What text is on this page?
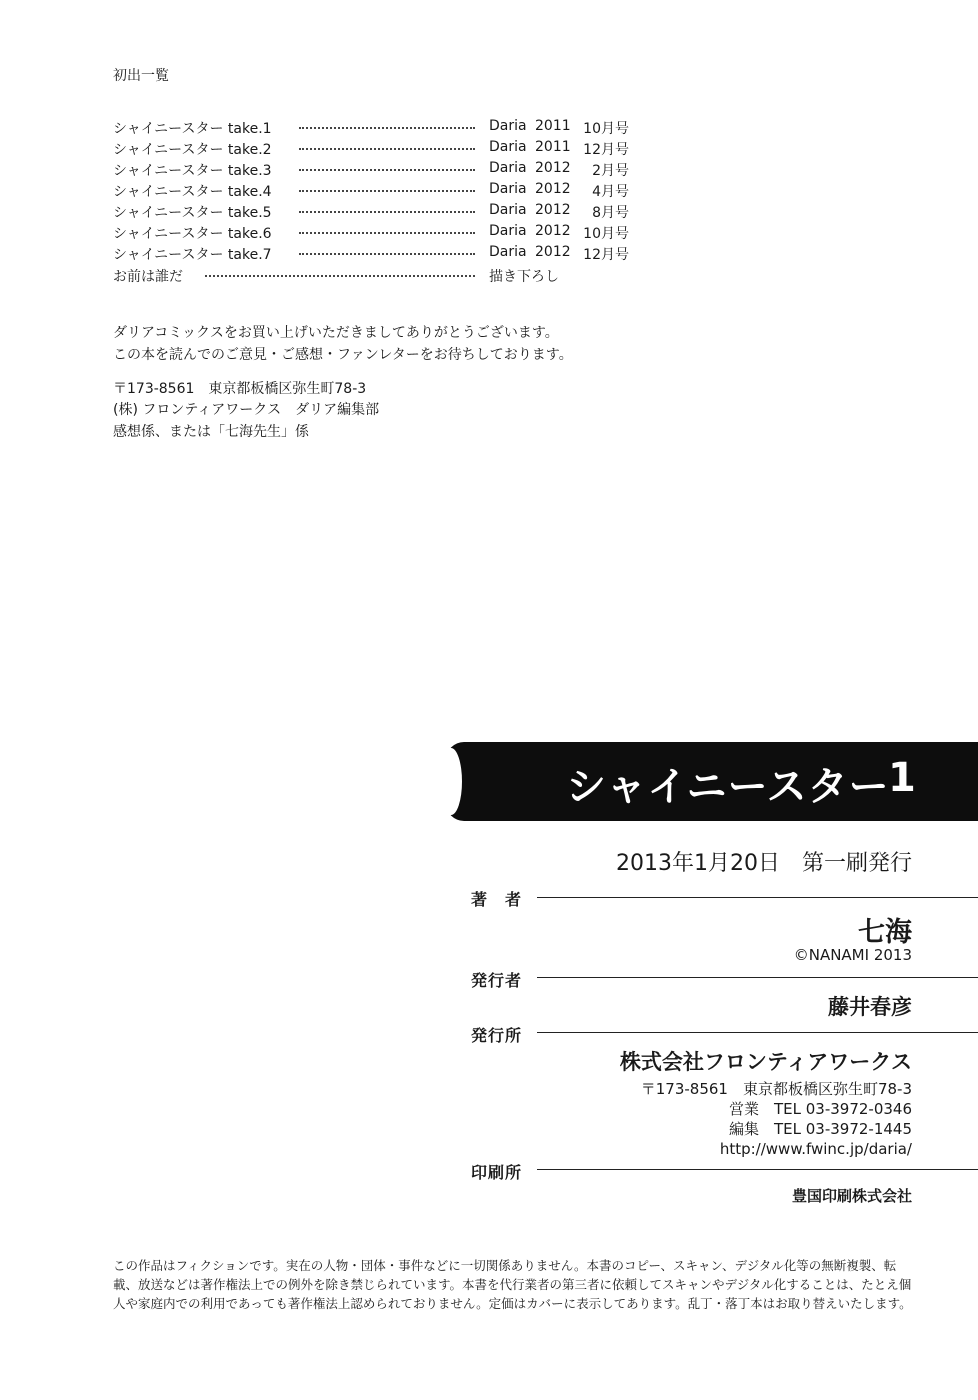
初出一覧
シャイニースター take.1	Daria 2011 10月号
シャイニースター take.2	Daria 2011 12月号
シャイニースター take.3	Daria 2012 2月号
シャイニースター take.4	Daria 2012 4月号
シャイニースター take.5	Daria 2012 8月号
シャイニースター take.6	Daria 2012 10月号
シャイニースター take.7	Daria 2012 12月号
お前は誰だ	描き下ろし
ダリアコミックスをお買い上げいただきましてありがとうございます。
この本を読んでのご意見・ご感想・ファンレターをお待ちしております。
〒173-8561　東京都板橋区弥生町78-3
(株) フロンティアワークス　ダリア編集部
感想係、または「七海先生」係
シャイニースター
1
2013年1月20日　第一刷発行
著　者
七海
©NANAMI 2013
発行者
藤井春彦
発行所
株式会社フロンティアワークス
〒173-8561　東京都板橋区弥生町78-3
営業　TEL 03-3972-0346
編集　TEL 03-3972-1445
http://www.fwinc.jp/daria/
印刷所
豊国印刷株式会社
この作品はフィクションです。実在の人物・団体・事件などに一切関係ありません。本書のコピー、スキャン、デジタル化等の無断複製、転載、放送などは著作権法上での例外を除き禁じられています。本書を代行業者の第三者に依頼してスキャンやデジタル化することは、たとえ個人や家庭内での利用であっても著作権法上認められておりません。定価はカバーに表示してあります。乱丁・落丁本はお取り替えいたします。
